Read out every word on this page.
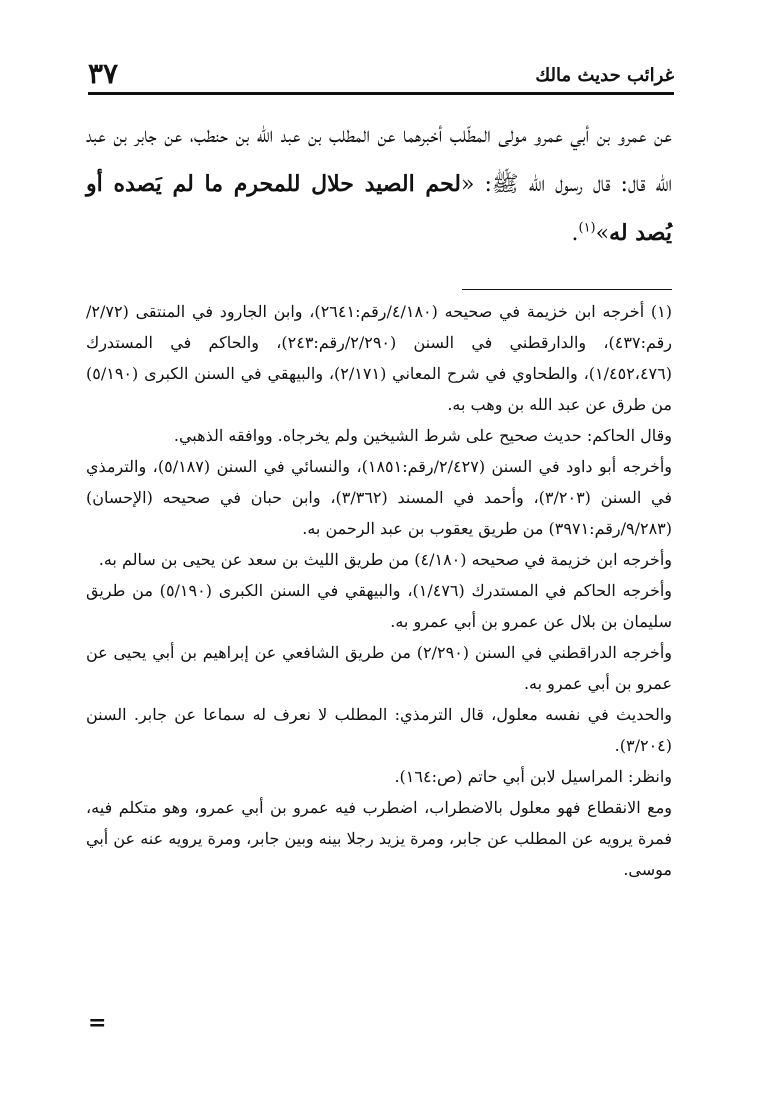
غرائب حديث مالك
٣٧
عن عمرو بن أبي عمرو مولى المطّلب أخبرهما عن المطلب بن عبد الله بن حنطب، عن جابر بن عبد الله قال: قال رسول الله ﷺ: «لحم الصيد حلال للمحرم ما لم يَصده أو يُصد له»$^{(١)}$.

(١) أخرجه ابن خزيمة في صحيحه (٤/١٨٠/رقم:٢٦٤١)، وابن الجارود في المنتقى (٢/٧٢/رقم:٤٣٧)، والدارقطني في السنن (٢/٢٩٠/رقم:٢٤٣)، والحاكم في المستدرك (١/٤٥٢،٤٧٦)، والطحاوي في شرح المعاني (٢/١٧١)، والبيهقي في السنن الكبرى (٥/١٩٠) من طرق عن عبد الله بن وهب به.

وقال الحاكم: حديث صحيح على شرط الشيخين ولم يخرجاه. ووافقه الذهبي.

وأخرجه أبو داود في السنن (٢/٤٢٧/رقم:١٨٥١)، والنسائي في السنن (٥/١٨٧)، والترمذي في السنن (٣/٢٠٣)، وأحمد في المسند (٣/٣٦٢)، وابن حبان في صحيحه (الإحسان) (٩/٢٨٣/رقم:٣٩٧١) من طريق يعقوب بن عبد الرحمن به.

وأخرجه ابن خزيمة في صحيحه (٤/١٨٠) من طريق الليث بن سعد عن يحيى بن سالم به.

وأخرجه الحاكم في المستدرك (١/٤٧٦)، والبيهقي في السنن الكبرى (٥/١٩٠) من طريق سليمان بن بلال عن عمرو بن أبي عمرو به.

وأخرجه الدراقطني في السنن (٢/٢٩٠) من طريق الشافعي عن إبراهيم بن أبي يحيى عن عمرو بن أبي عمرو به.

والحديث في نفسه معلول، قال الترمذي: المطلب لا نعرف له سماعا عن جابر. السنن (٣/٢٠٤).

وانظر: المراسيل لابن أبي حاتم (ص:١٦٤).

ومع الانقطاع فهو معلول بالاضطراب، اضطرب فيه عمرو بن أبي عمرو، وهو متكلم فيه، فمرة يرويه عن المطلب عن جابر، ومرة يزيد رجلا بينه وبين جابر، ومرة يرويه عنه عن أبي موسى.

=
